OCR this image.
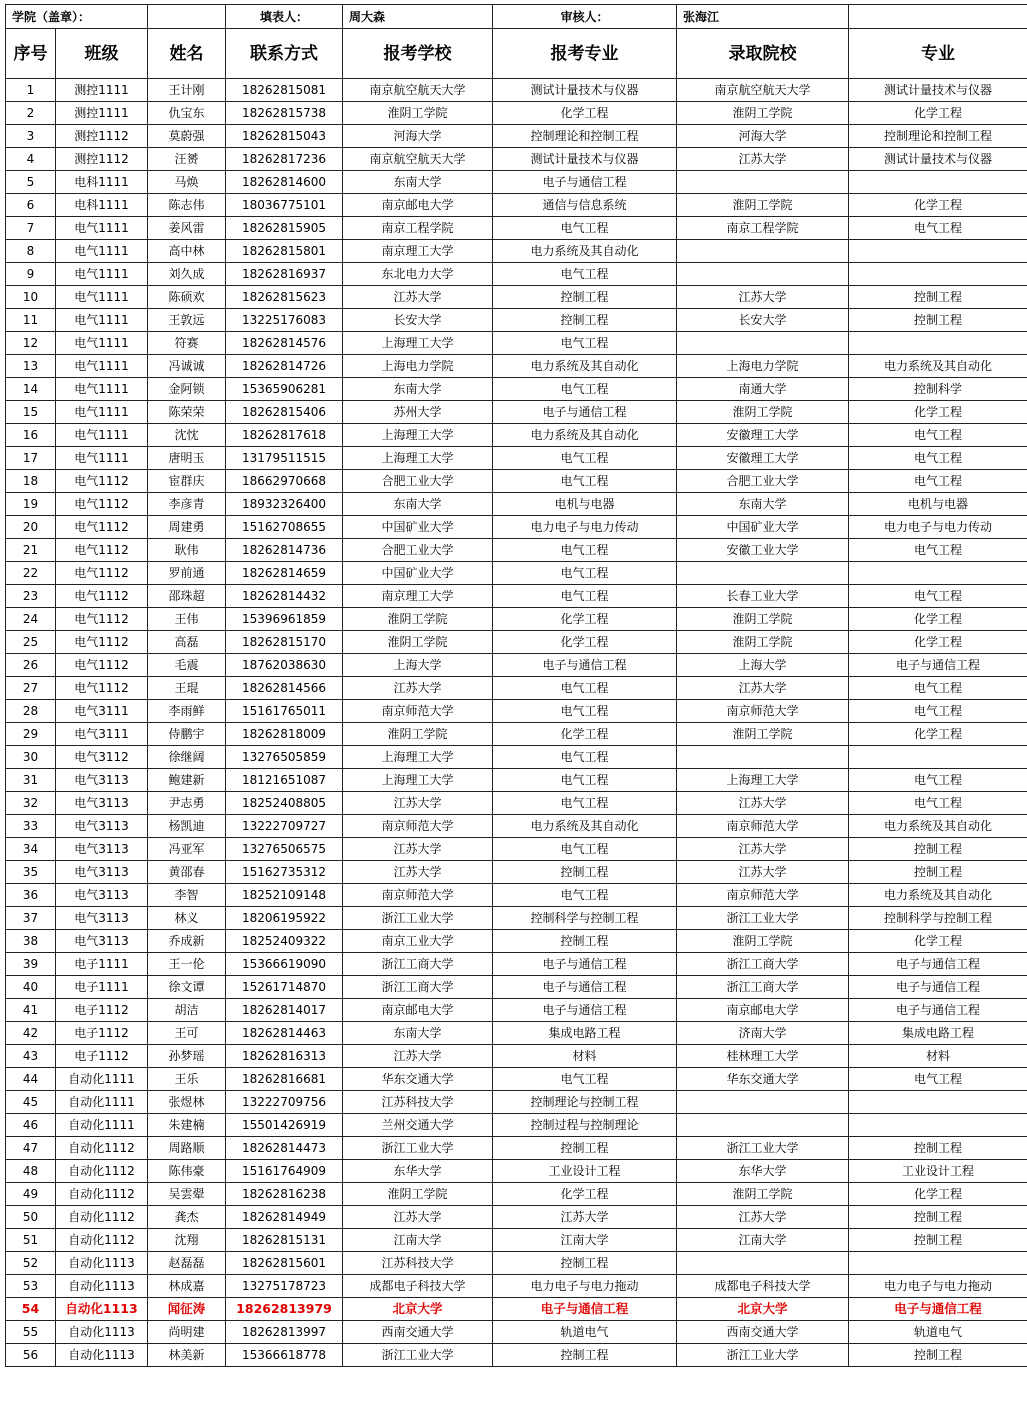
学院（盖章）：			填表人：	周大森	审核人：	张海江	
序号	班级	姓名	联系方式	报考学校	报考专业	录取院校	专业
1	测控1111	王计刚	18262815081	南京航空航天大学	测试计量技术与仪器	南京航空航天大学	测试计量技术与仪器
2	测控1111	仇宝东	18262815738	淮阴工学院	化学工程	淮阴工学院	化学工程
3	测控1112	莫蔚强	18262815043	河海大学	控制理论和控制工程	河海大学	控制理论和控制工程
4	测控1112	汪赟	18262817236	南京航空航天大学	测试计量技术与仪器	江苏大学	测试计量技术与仪器
5	电科1111	马焕	18262814600	东南大学	电子与通信工程		
6	电科1111	陈志伟	18036775101	南京邮电大学	通信与信息系统	淮阴工学院	化学工程
7	电气1111	姜风雷	18262815905	南京工程学院	电气工程	南京工程学院	电气工程
8	电气1111	高中林	18262815801	南京理工大学	电力系统及其自动化		
9	电气1111	刘久成	18262816937	东北电力大学	电气工程		
10	电气1111	陈硕欢	18262815623	江苏大学	控制工程	江苏大学	控制工程
11	电气1111	王敦远	13225176083	长安大学	控制工程	长安大学	控制工程
12	电气1111	符赛	18262814576	上海理工大学	电气工程		
13	电气1111	冯诚诚	18262814726	上海电力学院	电力系统及其自动化	上海电力学院	电力系统及其自动化
14	电气1111	金阿锁	15365906281	东南大学	电气工程	南通大学	控制科学
15	电气1111	陈荣荣	18262815406	苏州大学	电子与通信工程	淮阴工学院	化学工程
16	电气1111	沈忱	18262817618	上海理工大学	电力系统及其自动化	安徽理工大学	电气工程
17	电气1111	唐明玉	13179511515	上海理工大学	电气工程	安徽理工大学	电气工程
18	电气1112	宦群庆	18662970668	合肥工业大学	电气工程	合肥工业大学	电气工程
19	电气1112	李彦青	18932326400	东南大学	电机与电器	东南大学	电机与电器
20	电气1112	周建勇	15162708655	中国矿业大学	电力电子与电力传动	中国矿业大学	电力电子与电力传动
21	电气1112	耿伟	18262814736	合肥工业大学	电气工程	安徽工业大学	电气工程
22	电气1112	罗前通	18262814659	中国矿业大学	电气工程		
23	电气1112	邵珠超	18262814432	南京理工大学	电气工程	长春工业大学	电气工程
24	电气1112	王伟	15396961859	淮阴工学院	化学工程	淮阴工学院	化学工程
25	电气1112	高磊	18262815170	淮阴工学院	化学工程	淮阴工学院	化学工程
26	电气1112	毛震	18762038630	上海大学	电子与通信工程	上海大学	电子与通信工程
27	电气1112	王琨	18262814566	江苏大学	电气工程	江苏大学	电气工程
28	电气3111	李雨鲜	15161765011	南京师范大学	电气工程	南京师范大学	电气工程
29	电气3111	侍鹏宇	18262818009	淮阴工学院	化学工程	淮阴工学院	化学工程
30	电气3112	徐继阔	13276505859	上海理工大学	电气工程		
31	电气3113	鲍建新	18121651087	上海理工大学	电气工程	上海理工大学	电气工程
32	电气3113	尹志勇	18252408805	江苏大学	电气工程	江苏大学	电气工程
33	电气3113	杨凯迪	13222709727	南京师范大学	电力系统及其自动化	南京师范大学	电力系统及其自动化
34	电气3113	冯亚军	13276506575	江苏大学	电气工程	江苏大学	控制工程
35	电气3113	黄邵春	15162735312	江苏大学	控制工程	江苏大学	控制工程
36	电气3113	李智	18252109148	南京师范大学	电气工程	南京师范大学	电力系统及其自动化
37	电气3113	林义	18206195922	浙江工业大学	控制科学与控制工程	浙江工业大学	控制科学与控制工程
38	电气3113	乔成新	18252409322	南京工业大学	控制工程	淮阴工学院	化学工程
39	电子1111	王一伦	15366619090	浙江工商大学	电子与通信工程	浙江工商大学	电子与通信工程
40	电子1111	徐文谭	15261714870	浙江工商大学	电子与通信工程	浙江工商大学	电子与通信工程
41	电子1112	胡洁	18262814017	南京邮电大学	电子与通信工程	南京邮电大学	电子与通信工程
42	电子1112	王可	18262814463	东南大学	集成电路工程	济南大学	集成电路工程
43	电子1112	孙梦瑶	18262816313	江苏大学	材料	桂林理工大学	材料
44	自动化1111	王乐	18262816681	华东交通大学	电气工程	华东交通大学	电气工程
45	自动化1111	张煜林	13222709756	江苏科技大学	控制理论与控制工程		
46	自动化1111	朱建楠	15501426919	兰州交通大学	控制过程与控制理论		
47	自动化1112	周路顺	18262814473	浙江工业大学	控制工程	浙江工业大学	控制工程
48	自动化1112	陈伟豪	15161764909	东华大学	工业设计工程	东华大学	工业设计工程
49	自动化1112	吴雲翚	18262816238	淮阴工学院	化学工程	淮阴工学院	化学工程
50	自动化1112	龚杰	18262814949	江苏大学	江苏大学	江苏大学	控制工程
51	自动化1112	沈翔	18262815131	江南大学	江南大学	江南大学	控制工程
52	自动化1113	赵磊磊	18262815601	江苏科技大学	控制工程		
53	自动化1113	林成嘉	13275178723	成都电子科技大学	电力电子与电力拖动	成都电子科技大学	电力电子与电力拖动
54	自动化1113	闻征涛	18262813979	北京大学	电子与通信工程	北京大学	电子与通信工程
55	自动化1113	尚明建	18262813997	西南交通大学	轨道电气	西南交通大学	轨道电气
56	自动化1113	林美新	15366618778	浙江工业大学	控制工程	浙江工业大学	控制工程
